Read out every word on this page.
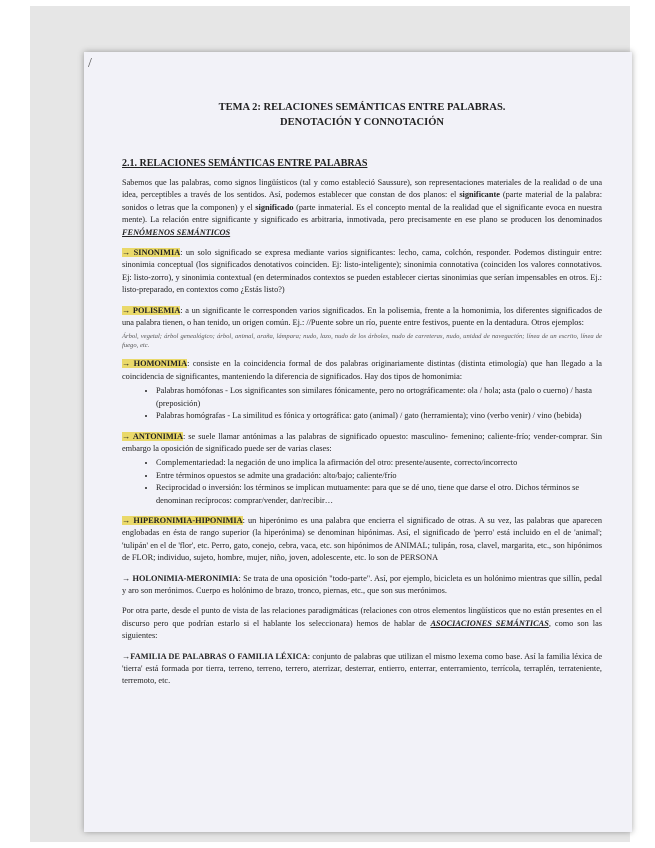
/
TEMA 2: RELACIONES SEMÁNTICAS ENTRE PALABRAS.
DENOTACIÓN Y CONNOTACIÓN
2.1. RELACIONES SEMÁNTICAS ENTRE PALABRAS

Sabemos que las palabras, como signos lingüísticos (tal y como estableció Saussure), son representaciones materiales de la realidad o de una idea, perceptibles a través de los sentidos. Así, podemos establecer que constan de dos planos: el significante (parte material de la palabra: sonidos o letras que la componen) y el significado (parte inmaterial. Es el concepto mental de la realidad que el significante evoca en nuestra mente). La relación entre significante y significado es arbitraria, inmotivada, pero precisamente en ese plano se producen los denominados FENÓMENOS SEMÁNTICOS

→ SINONIMIA: un solo significado se expresa mediante varios significantes: lecho, cama, colchón, responder. Podemos distinguir entre: sinonimia conceptual (los significados denotativos coinciden. Ej: listo-inteligente); sinonimia connotativa (coinciden los valores connotativos. Ej: listo-zorro), y sinonimia contextual (en determinados contextos se pueden establecer ciertas sinonimias que serían impensables en otros. Ej.: listo-preparado, en contextos como ¿Estás listo?)

→ POLISEMIA: a un significante le corresponden varios significados. En la polisemia, frente a la homonimia, los diferentes significados de una palabra tienen, o han tenido, un origen común. Ej.: //Puente sobre un río, puente entre festivos, puente en la dentadura. Otros ejemplos:

Árbol, vegetal; árbol genealógico; árbol, animal, araña, lámpara; nudo, lazo, nudo de los árboles, nudo de carreteras, nudo, unidad de navegación; línea de un escrito, línea de fuego, etc.

→ HOMONIMIA: consiste en la coincidencia formal de dos palabras originariamente distintas (distinta etimología) que han llegado a la coincidencia de significantes, manteniendo la diferencia de significados. Hay dos tipos de homonimia:

• Palabras homófonas - Los significantes son similares fónicamente, pero no ortográficamente: ola / hola; asta (palo o cuerno) / hasta (preposición)
• Palabras homógrafas - La similitud es fónica y ortográfica: gato (animal) / gato (herramienta); vino (verbo venir) / vino (bebida)

→ ANTONIMIA: se suele llamar antónimas a las palabras de significado opuesto: masculino- femenino; caliente-frío; vender-comprar. Sin embargo la oposición de significado puede ser de varias clases:

• Complementariedad: la negación de uno implica la afirmación del otro: presente/ausente, correcto/incorrecto
• Entre términos opuestos se admite una gradación: alto/bajo; caliente/frío
• Reciprocidad o inversión: los términos se implican mutuamente: para que se dé uno, tiene que darse el otro. Dichos términos se denominan recíprocos: comprar/vender, dar/recibir…

→ HIPERONIMIA-HIPONIMIA: un hiperónimo es una palabra que encierra el significado de otras. A su vez, las palabras que aparecen englobadas en ésta de rango superior (la hiperónima) se denominan hipónimas. Así, el significado de 'perro' está incluido en el de 'animal'; 'tulipán' en el de 'flor', etc. Perro, gato, conejo, cebra, vaca, etc. son hipónimos de ANIMAL; tulipán, rosa, clavel, margarita, etc., son hipónimos de FLOR; individuo, sujeto, hombre, mujer, niño, joven, adolescente, etc. lo son de PERSONA

→ HOLONIMIA-MERONIMIA: Se trata de una oposición "todo-parte". Así, por ejemplo, bicicleta es un holónimo mientras que sillín, pedal y aro son merónimos. Cuerpo es holónimo de brazo, tronco, piernas, etc., que son sus merónimos.

Por otra parte, desde el punto de vista de las relaciones paradigmáticas (relaciones con otros elementos lingüísticos que no están presentes en el discurso pero que podrían estarlo si el hablante los seleccionara) hemos de hablar de ASOCIACIONES SEMÁNTICAS, como son las siguientes:

→FAMILIA DE PALABRAS O FAMILIA LÉXICA: conjunto de palabras que utilizan el mismo lexema como base. Así la familia léxica de 'tierra' está formada por tierra, terreno, terreno, terrero, aterrizar, desterrar, entierro, enterrar, enterramiento, terrícola, terraplén, terrateniente, terremoto, etc.
